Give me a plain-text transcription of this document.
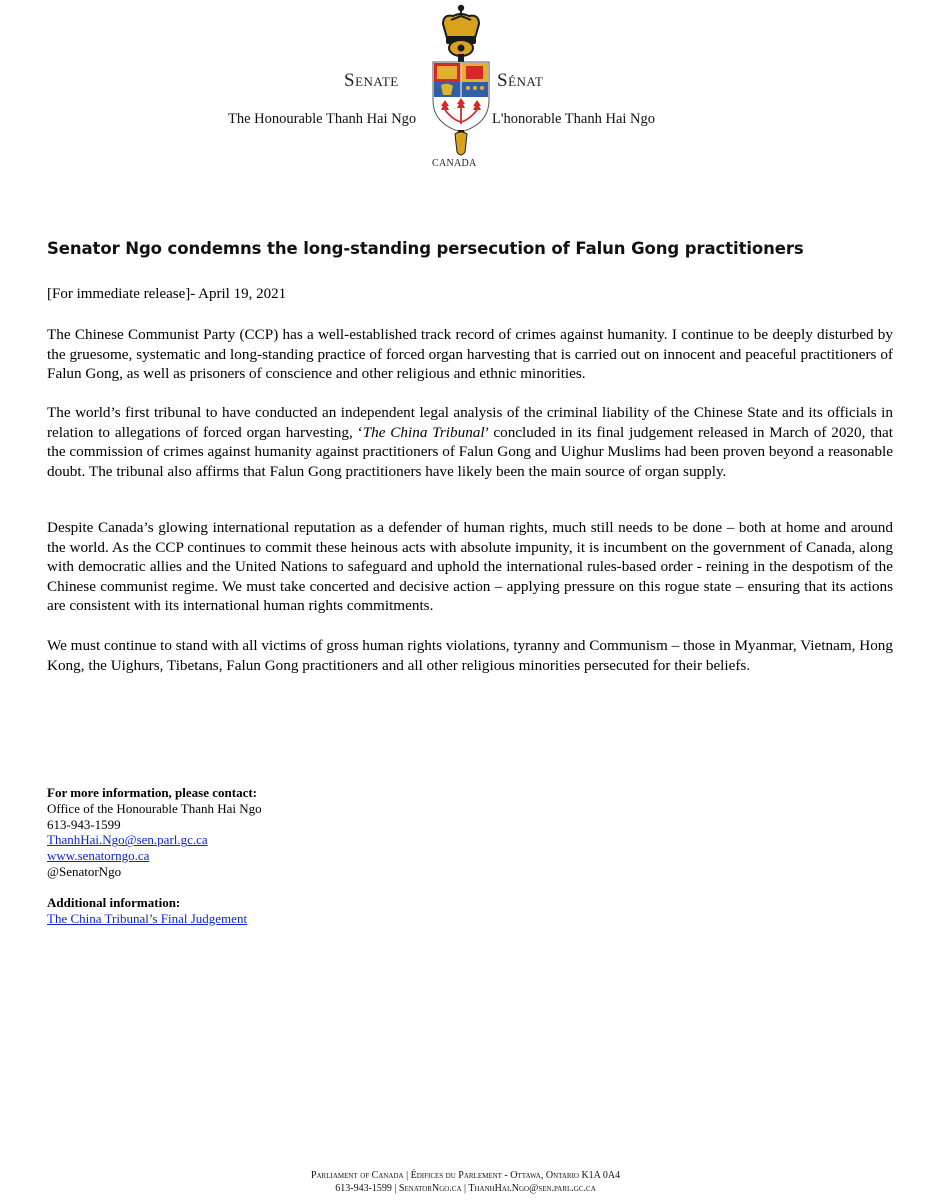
Senate	Sénat
The Honourable Thanh Hai Ngo	L'honorable Thanh Hai Ngo
CANADA
Senator Ngo condemns the long-standing persecution of Falun Gong practitioners
[For immediate release]- April 19, 2021

The Chinese Communist Party (CCP) has a well-established track record of crimes against humanity. I continue to be deeply disturbed by the gruesome, systematic and long-standing practice of forced organ harvesting that is carried out on innocent and peaceful practitioners of Falun Gong, as well as prisoners of conscience and other religious and ethnic minorities.

The world’s first tribunal to have conducted an independent legal analysis of the criminal liability of the Chinese State and its officials in relation to allegations of forced organ harvesting, ‘The China Tribunal’ concluded in its final judgement released in March of 2020, that the commission of crimes against humanity against practitioners of Falun Gong and Uighur Muslims had been proven beyond a reasonable doubt. The tribunal also affirms that Falun Gong practitioners have likely been the main source of organ supply.

Despite Canada’s glowing international reputation as a defender of human rights, much still needs to be done – both at home and around the world. As the CCP continues to commit these heinous acts with absolute impunity, it is incumbent on the government of Canada, along with democratic allies and the United Nations to safeguard and uphold the international rules-based order - reining in the despotism of the Chinese communist regime. We must take concerted and decisive action – applying pressure on this rogue state – ensuring that its actions are consistent with its international human rights commitments.

We must continue to stand with all victims of gross human rights violations, tyranny and Communism – those in Myanmar, Vietnam, Hong Kong, the Uighurs, Tibetans, Falun Gong practitioners and all other religious minorities persecuted for their beliefs.

For more information, please contact:
Office of the Honourable Thanh Hai Ngo
613-943-1599
ThanhHai.Ngo@sen.parl.gc.ca
www.senatorngo.ca
@SenatorNgo
Additional information:
The China Tribunal’s Final Judgement
Parliament of Canada | Édifices du Parlement - Ottawa, Ontario K1A 0A4
613-943-1599 | SenatorNgo.ca | ThanhHai.Ngo@sen.parl.gc.ca
